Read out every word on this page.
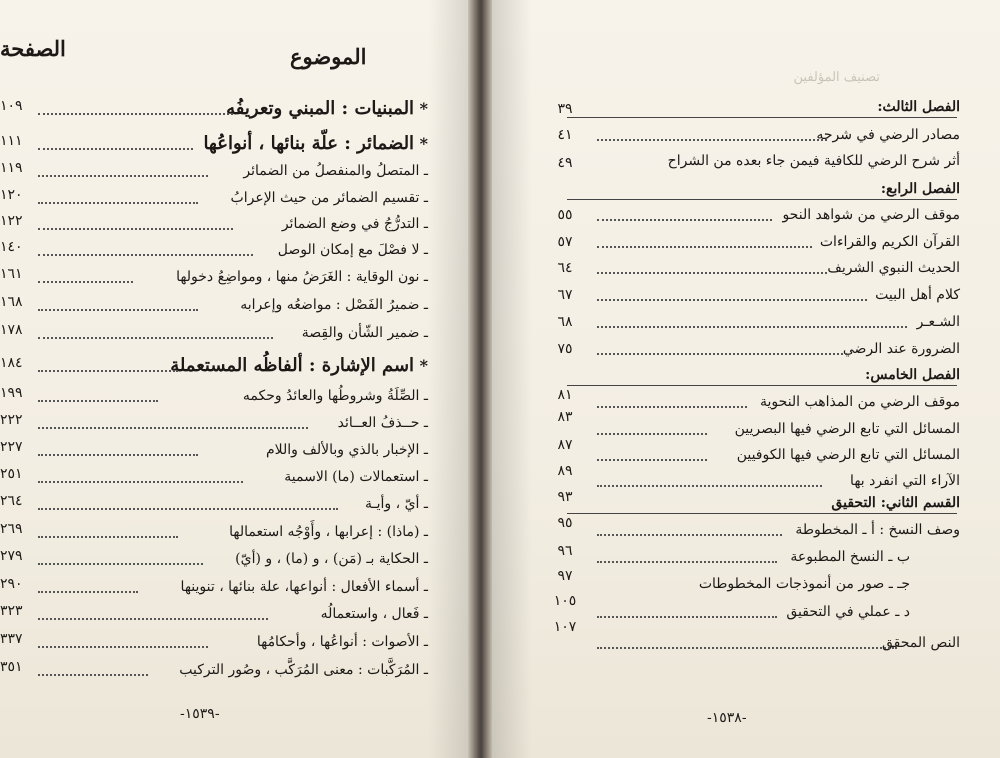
الموضوع
الصفحة
* المبنيات : المبني وتعريفُه
١٠٩
* الضمائر : علّة بنائها ، أنواعُها
١١١
ـ المتصلُ والمنفصلُ من الضمائر
١١٩
ـ تقسيم الضمائر من حيث الإعرابُ
١٢٠
ـ التدرُّجُ في وضع الضمائر
١٢٢
ـ لا فصْلَ مع إمكان الوصل
١٤٠
ـ نون الوقاية : الغَرَضُ منها ، ومواضِعُ دخولها
١٦١
ـ ضميرُ الفَصْل : مواضعُه وإعرابه
١٦٨
ـ ضمير الشّأن والقِصة
١٧٨
* اسم الإشارة : ألفاظُه المستعملة
١٨٤
ـ الصِّلَةُ وشروطُها والعائدُ وحكمه
١٩٩
ـ حــذفُ العــائد
٢٢٢
ـ الإخبار بالذي وبالألف واللام
٢٢٧
ـ استعمالات (ما) الاسمية
٢٥١
ـ أيّ ، وأيـة
٢٦٤
ـ (ماذا) : إعرابها ، وأَوْجُه استعمالها
٢٦٩
ـ الحكاية بـ (مَن) ، و (ما) ، و (أيّ)
٢٧٩
ـ أسماء الأفعال : أنواعها، علة بنائها ، تنوينها
٢٩٠
ـ فَعال ، واستعمالُه
٣٢٣
ـ الأصوات : أنواعُها ، وأحكامُها
٣٣٧
ـ المُرَكَّبات : معنى المُرَكَّب ، وصُور التركيب
٣٥١
-١٥٣٩-
تصنيف المؤلفين
الفصل الثالث:
مصادر الرضي في شرحه
٣٩
أثر شرح الرضي للكافية فيمن جاء بعده من الشراح
٤١
٤٩
الفصل الرابع:
موقف الرضي من شواهد النحو
٥٥
القرآن الكريم والقراءات
٥٧
الحديث النبوي الشريف
٦٤
كلام أهل البيت
٦٧
الشـعـر
٦٨
الضرورة عند الرضي
٧٥
الفصل الخامس:
موقف الرضي من المذاهب النحوية
٨١
المسائل التي تابع الرضي فيها البصريين
٨٣
المسائل التي تابع الرضي فيها الكوفيين
٨٧
الآراء التي انفرد بها
٨٩
القسم الثاني: التحقيق
٩٣
وصف النسخ : أ ـ المخطوطة
٩٥
ب ـ النسخ المطبوعة
٩٦
جـ ـ صور من أنموذجات المخطوطات
٩٧
د ـ عملي في التحقيق
١٠٥
النص المحقق
١٠٧
-١٥٣٨-
